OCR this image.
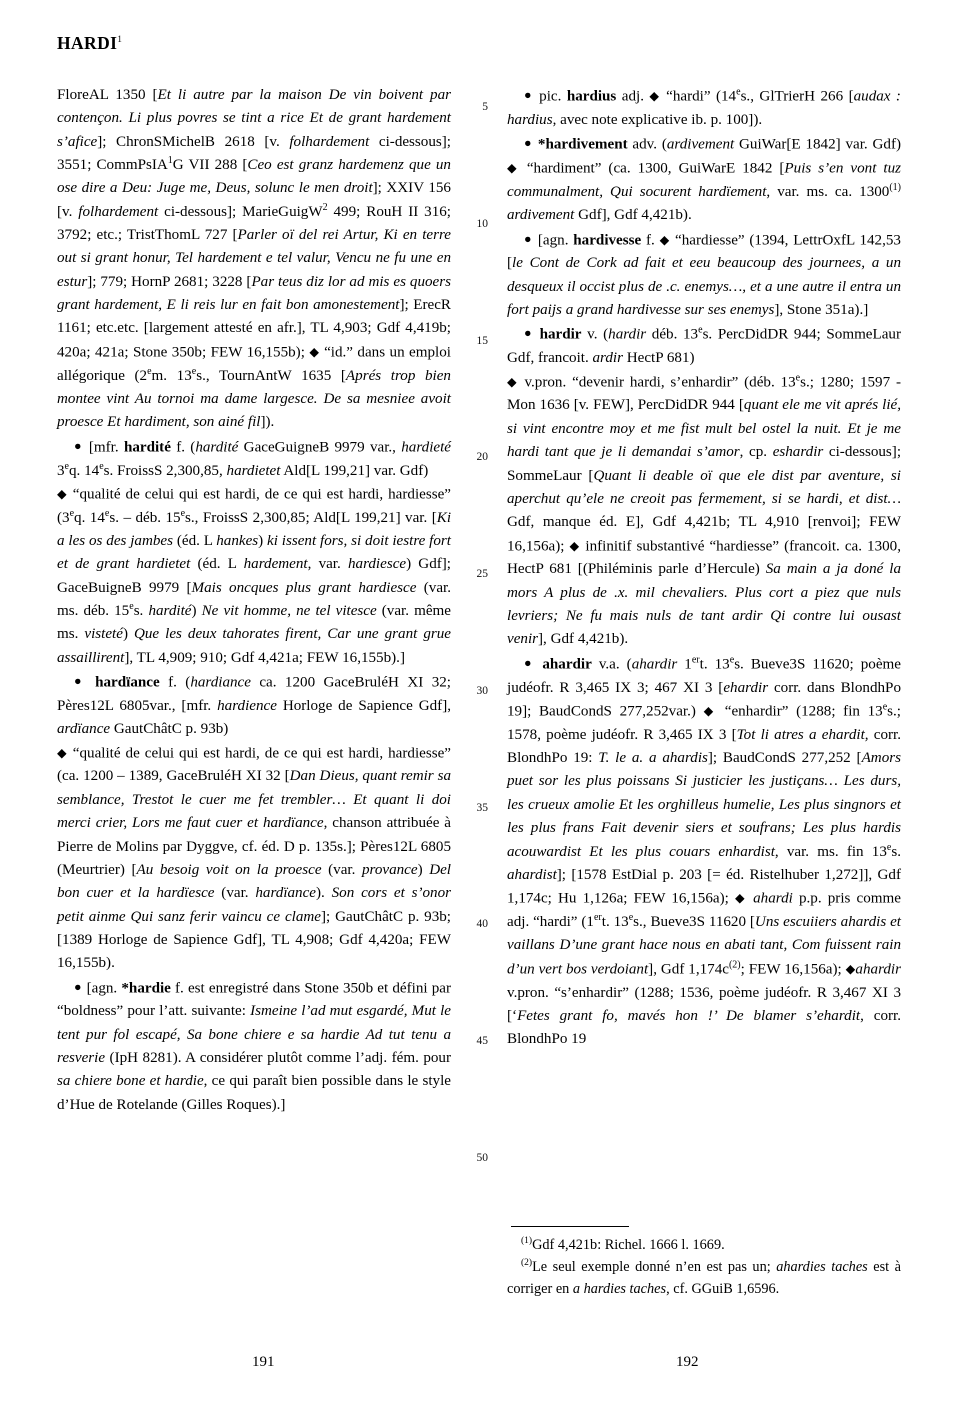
HARDI$^1$
FloreAL 1350 [Et li autre par la maison De vin boivent par contençon. Li plus povres se tint a rice Et de grant hardement s’afice]; ChronSMichelB 2618 [v. folhardement ci-dessous]; 3551; CommPsIA$^1$G VII 288 [Ceo est granz hardemenz que un ose dire a Deu: Juge me, Deus, solunc le men droit]; XXIV 156 [v. folhardement ci-dessous]; MarieGuigW$^2$ 499; RouH II 316; 3792; etc.; TristThomL 727 [Parler oï del rei Artur, Ki en terre out si grant honur, Tel hardement e tel valur, Vencu ne fu une en estur]; 779; HornP 2681; 3228 [Par teus diz lor ad mis es quoers grant hardement, E li reis lur en fait bon amonestement]; ErecR 1161; etc.etc. [largement attesté en afr.], TL 4,903; Gdf 4,419b; 420a; 421a; Stone 350b; FEW 16,155b); ◆ “id.” dans un emploi allégorique (2em. 13es., TournAntW 1635 [Aprés trop bien montee vint Au tornoi ma dame largesce. De sa mesniee avoit proesce Et hardiment, son ainé fil]).
● [mfr. hardité f. (hardité GaceGuigneB 9979 var., hardieté 3eq. 14es. FroissS 2,300,85, hardietet Ald[L 199,21] var. Gdf)
◆ “qualité de celui qui est hardi, de ce qui est hardi, hardiesse” (3eq. 14es. – déb. 15es., FroissS 2,300,85; Ald[L 199,21] var. [Ki a les os des jambes (éd. L hankes) ki issent fors, si doit iestre fort et de grant hardietet (éd. L hardement, var. hardiesce) Gdf]; GaceBuigneB 9979 [Mais oncques plus grant hardiesce (var. ms. déb. 15es. hardité) Ne vit homme, ne tel vitesce (var. même ms. visteté) Que les deux tahorates firent, Car une grant grue assaillirent], TL 4,909; 910; Gdf 4,421a; FEW 16,155b).]
● hardïance f. (hardiance ca. 1200 GaceBruléH XI 32; Pères12L 6805var., [mfr. hardience Horloge de Sapience Gdf], ardïance GautChâtC p. 93b)
◆ “qualité de celui qui est hardi, de ce qui est hardi, hardiesse” (ca. 1200 – 1389, GaceBruléH XI 32 [Dan Dieus, quant remir sa semblance, Trestot le cuer me fet trembler… Et quant li doi merci crier, Lors me faut cuer et hardïance, chanson attribuée à Pierre de Molins par Dyggve, cf. éd. D p. 135s.]; Pères12L 6805 (Meurtrier) [Au besoig voit on la proesce (var. provance) Del bon cuer et la hardïesce (var. hardïance). Son cors et s’onor petit ainme Qui sanz ferir vaincu ce clame]; GautChâtC p. 93b; [1389 Horloge de Sapience Gdf], TL 4,908; Gdf 4,420a; FEW 16,155b).
● [agn. *hardie f. est enregistré dans Stone 350b et défini par “boldness” pour l’att. suivante: Ismeine l’ad mut esgardé, Mut le tent pur fol escapé, Sa bone chiere e sa hardie Ad tut tenu a resverie (IpH 8281). A considérer plutôt comme l’adj. fém. pour sa chiere bone et hardie, ce qui paraît bien possible dans le style d’Hue de Rotelande (Gilles Roques).]
5
10
15
20
25
30
35
40
45
50
● pic. hardius adj. ◆ “hardi” (14es., GlTrierH 266 [audax : hardius, avec note explicative ib. p. 100]).
● *hardivement adv. (ardivement GuiWar[E 1842] var. Gdf) ◆ “hardiment” (ca. 1300, GuiWarE 1842 [Puis s’en vont tuz communalment, Qui socurent hardïement, var. ms. ca. 1300$^{(1)}$ ardivement Gdf], Gdf 4,421b).
● [agn. hardivesse f. ◆ “hardiesse” (1394, LettrOxfL 142,53 [le Cont de Cork ad fait et eeu beaucoup des journees, a un desqueux il occist plus de .c. enemys…, et a une autre il entra un fort paijs a grand hardivesse sur ses enemys], Stone 351a).]
● hardir v. (hardir déb. 13es. PercDidDR 944; SommeLaur Gdf, francoit. ardir HectP 681)
◆ v.pron. “devenir hardi, s’enhardir” (déb. 13es.; 1280; 1597 - Mon 1636 [v. FEW], PercDidDR 944 [quant ele me vit aprés lié, si vint encontre moy et me fist mult bel ostel la nuit. Et je me hardi tant que je li demandai s’amor, cp. eshardir ci-dessous]; SommeLaur [Quant li deable oï que ele dist par aventure, si aperchut qu’ele ne creoit pas fermement, si se hardi, et dist… Gdf, manque éd. E], Gdf 4,421b; TL 4,910 [renvoi]; FEW 16,156a); ◆ infinitif substantivé “hardiesse” (francoit. ca. 1300, HectP 681 [(Philéminis parle d’Hercule) Sa main a ja doné la mors A plus de .x. mil chevaliers. Plus cort a piez que nuls levriers; Ne fu mais nuls de tant ardir Qi contre lui ousast venir], Gdf 4,421b).
● ahardir v.a. (ahardir 1ert. 13es. Bueve3S 11620; poème judéofr. R 3,465 IX 3; 467 XI 3 [ehardir corr. dans BlondhPo 19]; BaudCondS 277,252var.) ◆ “enhardir” (1288; fin 13es.; 1578, poème judéofr. R 3,465 IX 3 [Tot li atres a ehardit, corr. BlondhPo 19: T. le a. a ahardis]; BaudCondS 277,252 [Amors puet sor les plus poissans Si justicier les justiçans… Les durs, les crueux amolie Et les orghilleus humelie, Les plus singnors et les plus frans Fait devenir siers et soufrans; Les plus hardis acouwardist Et les plus couars enhardist, var. ms. fin 13es. ahardist]; [1578 EstDial p. 203 [= éd. Ristelhuber 1,272]], Gdf 1,174c; Hu 1,126a; FEW 16,156a); ◆ ahardi p.p. pris comme adj. “hardi” (1ert. 13es., Bueve3S 11620 [Uns escuiiers ahardis et vaillans D’une grant hace nous en abati tant, Com fuissent rain d’un vert bos verdoiant], Gdf $1,174c^{(2)}$; FEW 16,156a); ◆ahardir v.pron. “s’enhardir” (1288; 1536, poème judéofr. R 3,467 XI 3 [‘Fetes grant fo, mavés hon !’ De blamer s’ehardit, corr. BlondhPo 19
$^{(1)}$Gdf 4,421b: Richel. 1666 l. 1669.
$^{(2)}$Le seul exemple donné n’en est pas un; ahardies taches est à corriger en a hardies taches, cf. GGuiB 1,6596.
191	192
